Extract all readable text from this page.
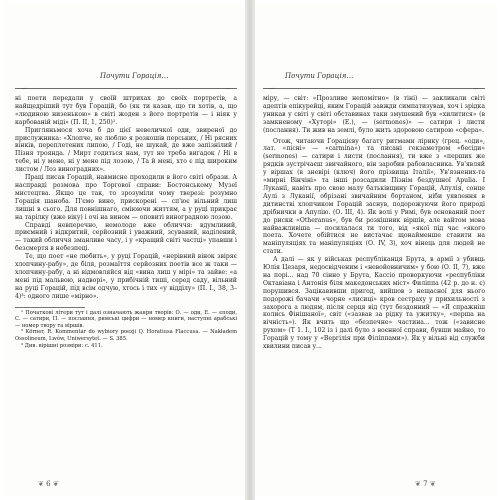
∽
Почути Горація…
∽

ні поети передали у своїй штрихах до своїх портретів, а найщедріший тут був Горацій, бо (як ти казав, що ти хотів, а, що «людиною низенькою» в світі жоден з його портретів — і ніяк у карбованій міді» (П. II, 1, 250)¹.

Пригляньмося хоча б до цієї невеличкої оди, звиреної до прислужника: «Хлопче, не люблю я розкошів перських, / Ні рясних вінків, переплетених липою, / Годі, не шукай, де вже запізнілий / Пізня троянда. / Мирт годиться нам, тут не треба вигадок / Ні в тебе, ні у мене, ні у мене під лозою, / Та й мені, хто є під широким листом / Лоз виноградних».

Праці писав Горацій, навмисне проходили в його світі образи. А насправді розмова про Торгової справи: Бостонському Музеї мистецтва. Якщо це так, то зрозуміли чому тверезі: розумно Горація шаноба. П'ємо вино, прискорені — сп'ює вільний лиш лишні в сього. Для повнішнаго, сміюючи життям, а у руці прикрає на тарілку (вже віку) і очі на вином — оповиті виноградною лозою.

Справді невперечно, немолоде вже обличчя: вдумливий, приємний і відкритий, серйозний і уважний, зсуваний, наділений, — такий обличчя зманливе часу, і у «кращий світі частці» упавши і безсмертя в небезпеці.

Те, що поет «не любить», у руці Горацій, «нерівний вінок звіряє хлопчину-рабу», де біля, розмаїття серйозних поетів все ж таки — хлопчину-рабу, а ні відмовляйся від «вина лиш у мірі» та зайве: «а мені під мальвою, надворі», у прибічній тиші, серед саду, вільний на руці Горацій, під всім одчую, хтось і тих «у відділу» (П. І., 38, 3–4)³: одного лише «мірно».

¹ Початкові літери тут і далі означають жанри творів: О. — оди, Е. — єподи, С. — сатири, П. — послання, римські цифри — номер книги, наступні арабські — номер твору та віршів.

² Körner, R. Kommentar do wybiory poezji Q. Horatiusa Flaccusa. — Nakładem Ossolineum, Lwów, Uniwersytet. — S. 385.

³ Див. вірішні розміри: с. 411.

❦ 6 ❦
∽
Почути Горація…
∽

міру, — світ: «Прозливе непомітно» (в тіні) — закликали світі адептів епікурейці, яким Горацій завжди симпатизував, хоч і зрідка уникав у світі у світі обставинах таки змушений був «хилитися» (в замкненому «Хуторі» (Е.), — (sermones)» — сатири і листи (послання). Ти жив на землі, було жить здоровою сатирою «сфера».

Отож, читаючи Горацієву багату ритмами лірику (грец. «оди», лат. «пісні» — «carmina») та писані гекзаметром «бесіди» (sermones) — сатири і листи (послання), ти вже з «перших же рядків зустрічаєш звичайного, він заробив рабовласника. Ув'являй у віршах (в зневірі (ключ) його прізвища Італії», Ув'язнених-та «мирні Вінчіні» та інші розсадили Пізнім бездушної Apulia. І Луканії, навіть про свою малу батьківщину Горацій, Апулія, сонце Аулі з Луканії, обрізані звичайним бортаном, ніби уявлення в дитинстві хлопчиком Горацій заснув, подорожуючи його природі дрібнички в Апулію. (О. III, 4). Як волі у Римі, був оснований поет до риски «Оtheranus», був би розкішник віршів, але вайтом мова найважливіша — посилалася ти того, від «якої під час «якого поета. Хочете обійтися не вистачає щонайменше ставити на маніпуляціях та маніпуляціях (О. IV, 3), хоч вінець для людей не стати.

А далі — як у військах республіканця Брута, в армії з убивць Юлія Цезаря, недосвідченим і «невойовничим» у бою (О. II, 7), вже на порі... над 70 сінно у Брута, Кассіо проворкуючи «республіки Октавіана і Антонія біля македонських міст» Филіппа (42 р. до н. є) порушився. Зацікавивши пригод, вийшов з нещасної для нього подорожі бачачи «чорне «лисиці» кров сестраху у прихильності з захорога а людям, після серця від (тут бездонний — «Я спражніш колись Фінішаної», світ («зазвав за рідку та ужитку», «перша на вічність»). Як вчить що «безпечне» частина... тож («зависне рухом» (Т 1. І., 102 із і далі було з воєнної справи, бувши майно, то Горацій у тому у «Вергілія при Філіппами»). Як у вільні від служби хвилини писав у...

❦ 7 ❦
